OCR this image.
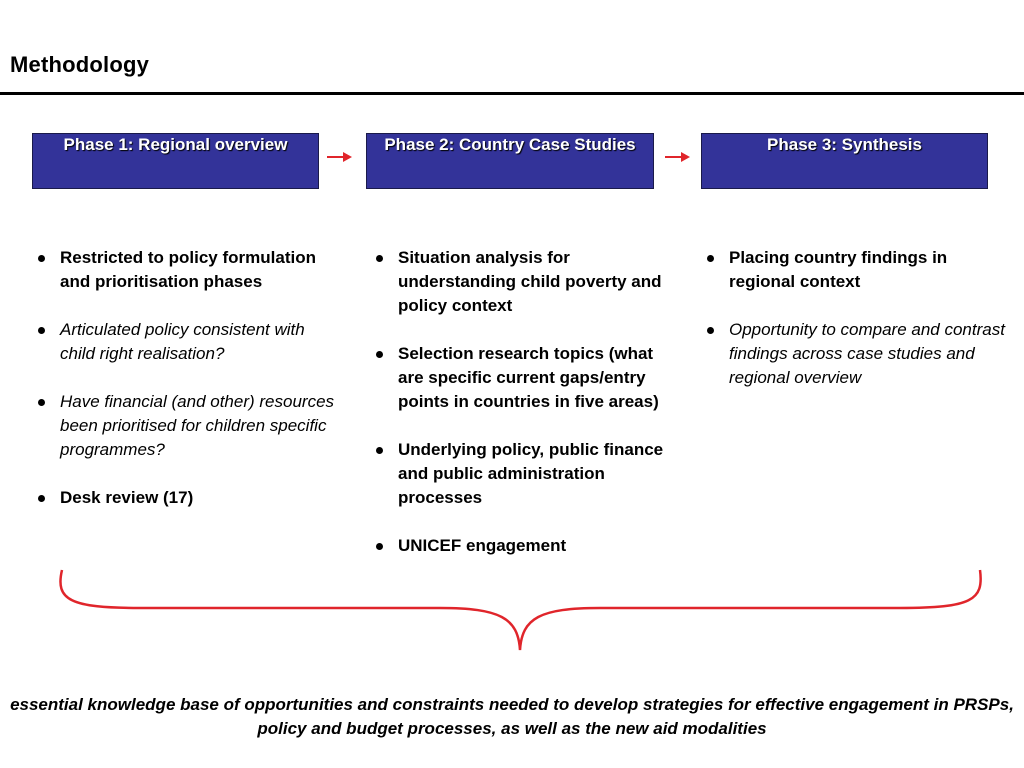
Methodology
Phase 1: Regional overview	Phase 2: Country Case Studies	Phase 3: Synthesis
Restricted to policy formulation and prioritisation phases
Articulated policy consistent with child right realisation?
Have financial (and other) resources been prioritised for children specific programmes?
Desk review (17)
Situation analysis for understanding child poverty and policy context
Selection research topics (what are specific current gaps/entry points in countries in five areas)
Underlying policy, public finance and public administration processes
UNICEF engagement
Placing country findings in regional context
Opportunity to compare and contrast findings across case studies and regional overview
essential knowledge base of opportunities and constraints needed to develop strategies for effective engagement in PRSPs, policy and budget processes, as well as the new aid modalities
